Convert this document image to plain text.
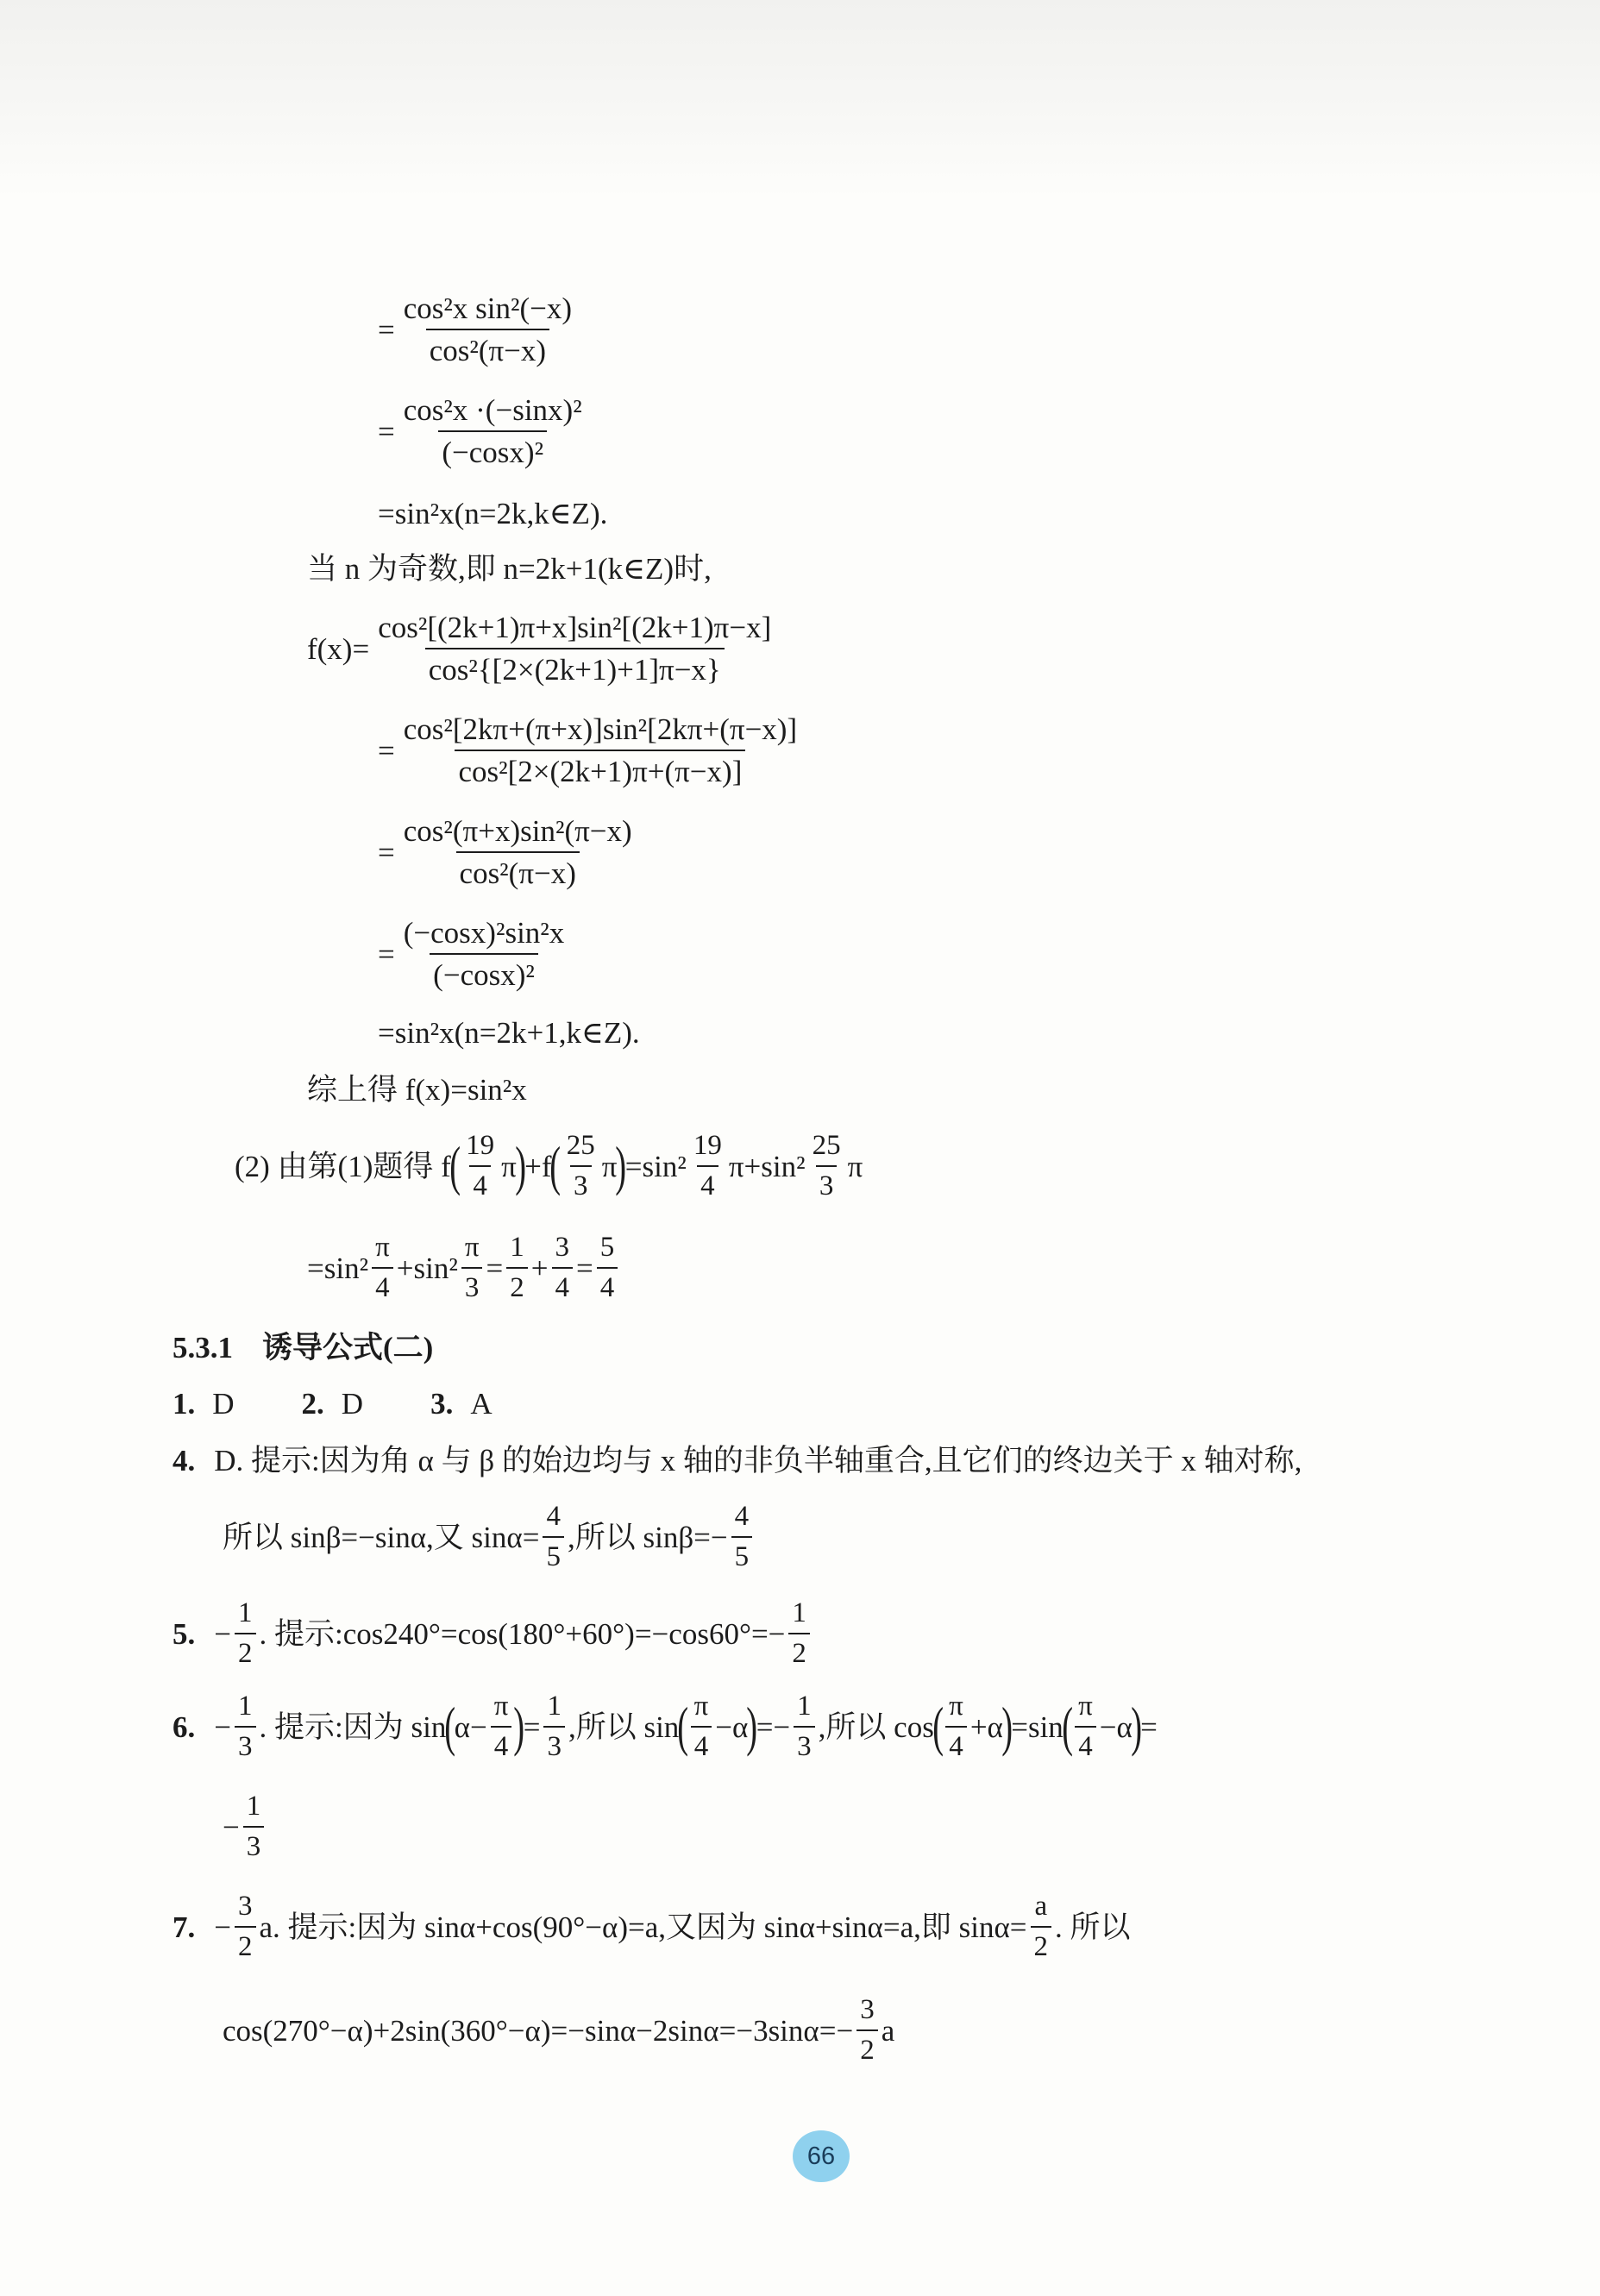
= $\frac{\text{cos²x sin²(−x)}}{\text{cos²(π−x)}}$
= $\frac{\text{cos²x ·(−sinx)²}}{\text{(−cosx)²}}$
=sin²x(n=2k,k∈Z).
当 n 为奇数,即 n=2k+1(k∈Z)时,
$f(x)= \frac{\text{cos²[(2k+1)π+x]sin²[(2k+1)π−x]}}{\text{cos²\{[2×(2k+1)+1]π−x\}}}$
= $\frac{\text{cos²[2kπ+(π+x)]sin²[2kπ+(π−x)]}}{\text{cos²[2×(2k+1)π+(π−x)]}}$
= $\frac{\text{cos²(π+x)sin²(π−x)}}{\text{cos²(π−x)}}$
= $\frac{\text{(−cosx)²sin²x}}{\text{(−cosx)²}}$
=sin²x(n=2k+1,k∈Z).
综上得 f(x)=sin²x
(2) 由第(1)题得 f
( $\frac{19}{4}$ π
)
+f
( $\frac{25}{3}$ π
)
$=\sin^2 \frac{19}{4} \pi+\sin^2 \frac{25}{3}$ π
$=\sin^2 \frac{\pi}{4} +\sin^2 \frac{\pi}{3} = \frac{1}{2} + \frac{3}{4} = \frac{5}{4}$
5.3.1 诱导公式(二)
1. D 2. D 3. A
4. D. 提示:因为角 α 与 β 的始边均与 x 轴的非负半轴重合,且它们的终边关于 x 轴对称,
所以 sinβ=−sinα,又 $\sin\alpha= \frac{4}{5}$ ,所以 $\sin\beta=- \frac{4}{5}$
5. − $\frac{1}{2}$ . 提示:cos240°=cos(180°+60°)=−cos60°=− $\frac{1}{2}$
6. − $\frac{1}{3}$ . 提示:因为 sin
(
$\alpha- \frac{\pi}{4}$ )
= $\frac{1}{3}$ ,所以 sin
( $\frac{\pi}{4} -\alpha$
)
=− $\frac{1}{3}$ ,所以 cos
( $\frac{\pi}{4} +\alpha$
)
=sin
( $\frac{\pi}{4} -\alpha$
)
=
− $\frac{1}{3}$
7. − $\frac{3}{2} a$. 提示:因为 sinα+cos(90°−α)=a,又因为 sinα+sinα=a,即 $\sin\alpha= \frac{a}{2}$ . 所以
$\cos(270^\circ-\alpha)+2\sin(360^\circ-\alpha)=-\sin\alpha-2\sin\alpha=-3\sin\alpha=- \frac{3}{2}$ a
66
